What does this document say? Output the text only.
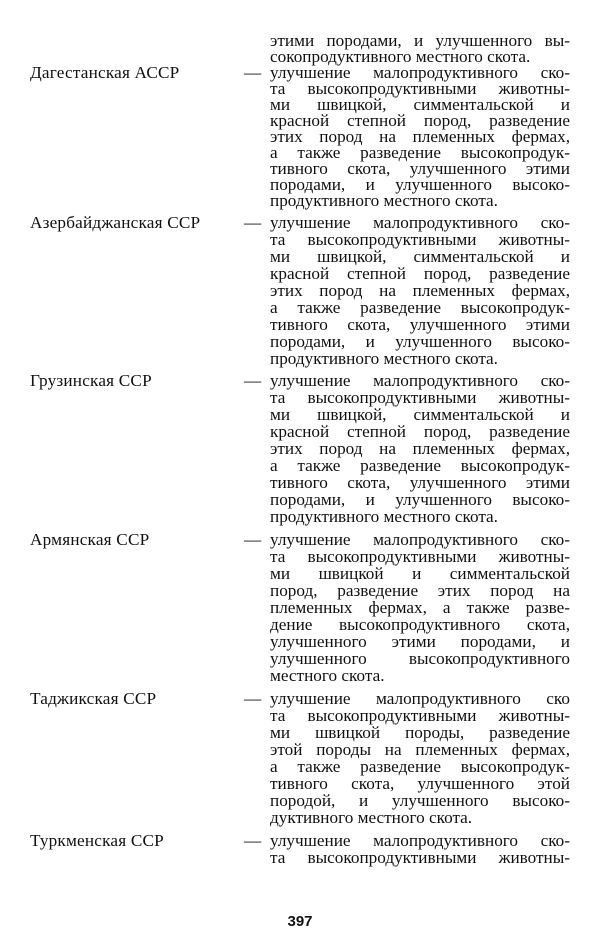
этими породами, и улучшенного вы-
сокопродуктивного местного скота.
Дагестанская АССР	— улучшение малопродуктивного ско-
та высокопродуктивными животны-
ми швицкой, симментальской и
красной степной пород, разведение
этих пород на племенных фермах,
а также разведение высокопродук-
тивного скота, улучшенного этими
породами, и улучшенного высоко-
продуктивного местного скота.
Азербайджанская ССР	— улучшение малопродуктивного ско-
та высокопродуктивными животны-
ми швицкой, симментальской и
красной степной пород, разведение
этих пород на племенных фермах,
а также разведение высокопродук-
тивного скота, улучшенного этими
породами, и улучшенного высоко-
продуктивного местного скота.
Грузинская ССР	— улучшение малопродуктивного ско-
та высокопродуктивными животны-
ми швицкой, симментальской и
красной степной пород, разведение
этих пород на племенных фермах,
а также разведение высокопродук-
тивного скота, улучшенного этими
породами, и улучшенного высоко-
продуктивного местного скота.
Армянская ССР	— улучшение малопродуктивного ско-
та высокопродуктивными животны-
ми швицкой и симментальской
пород, разведение этих пород на
племенных фермах, а также разве-
дение высокопродуктивного скота,
улучшенного этими породами, и
улучшенного высокопродуктивного
местного скота.
Таджикская ССР	— улучшение малопродуктивного ско
та высокопродуктивными животны-
ми швицкой породы, разведение
этой породы на племенных фермах,
а также разведение высокопродук-
тивного скота, улучшенного этой
породой, и улучшенного высоко-
дуктивного местного скота.
Туркменская ССР	— улучшение малопродуктивного ско-
та высокопродуктивными животны-
397
